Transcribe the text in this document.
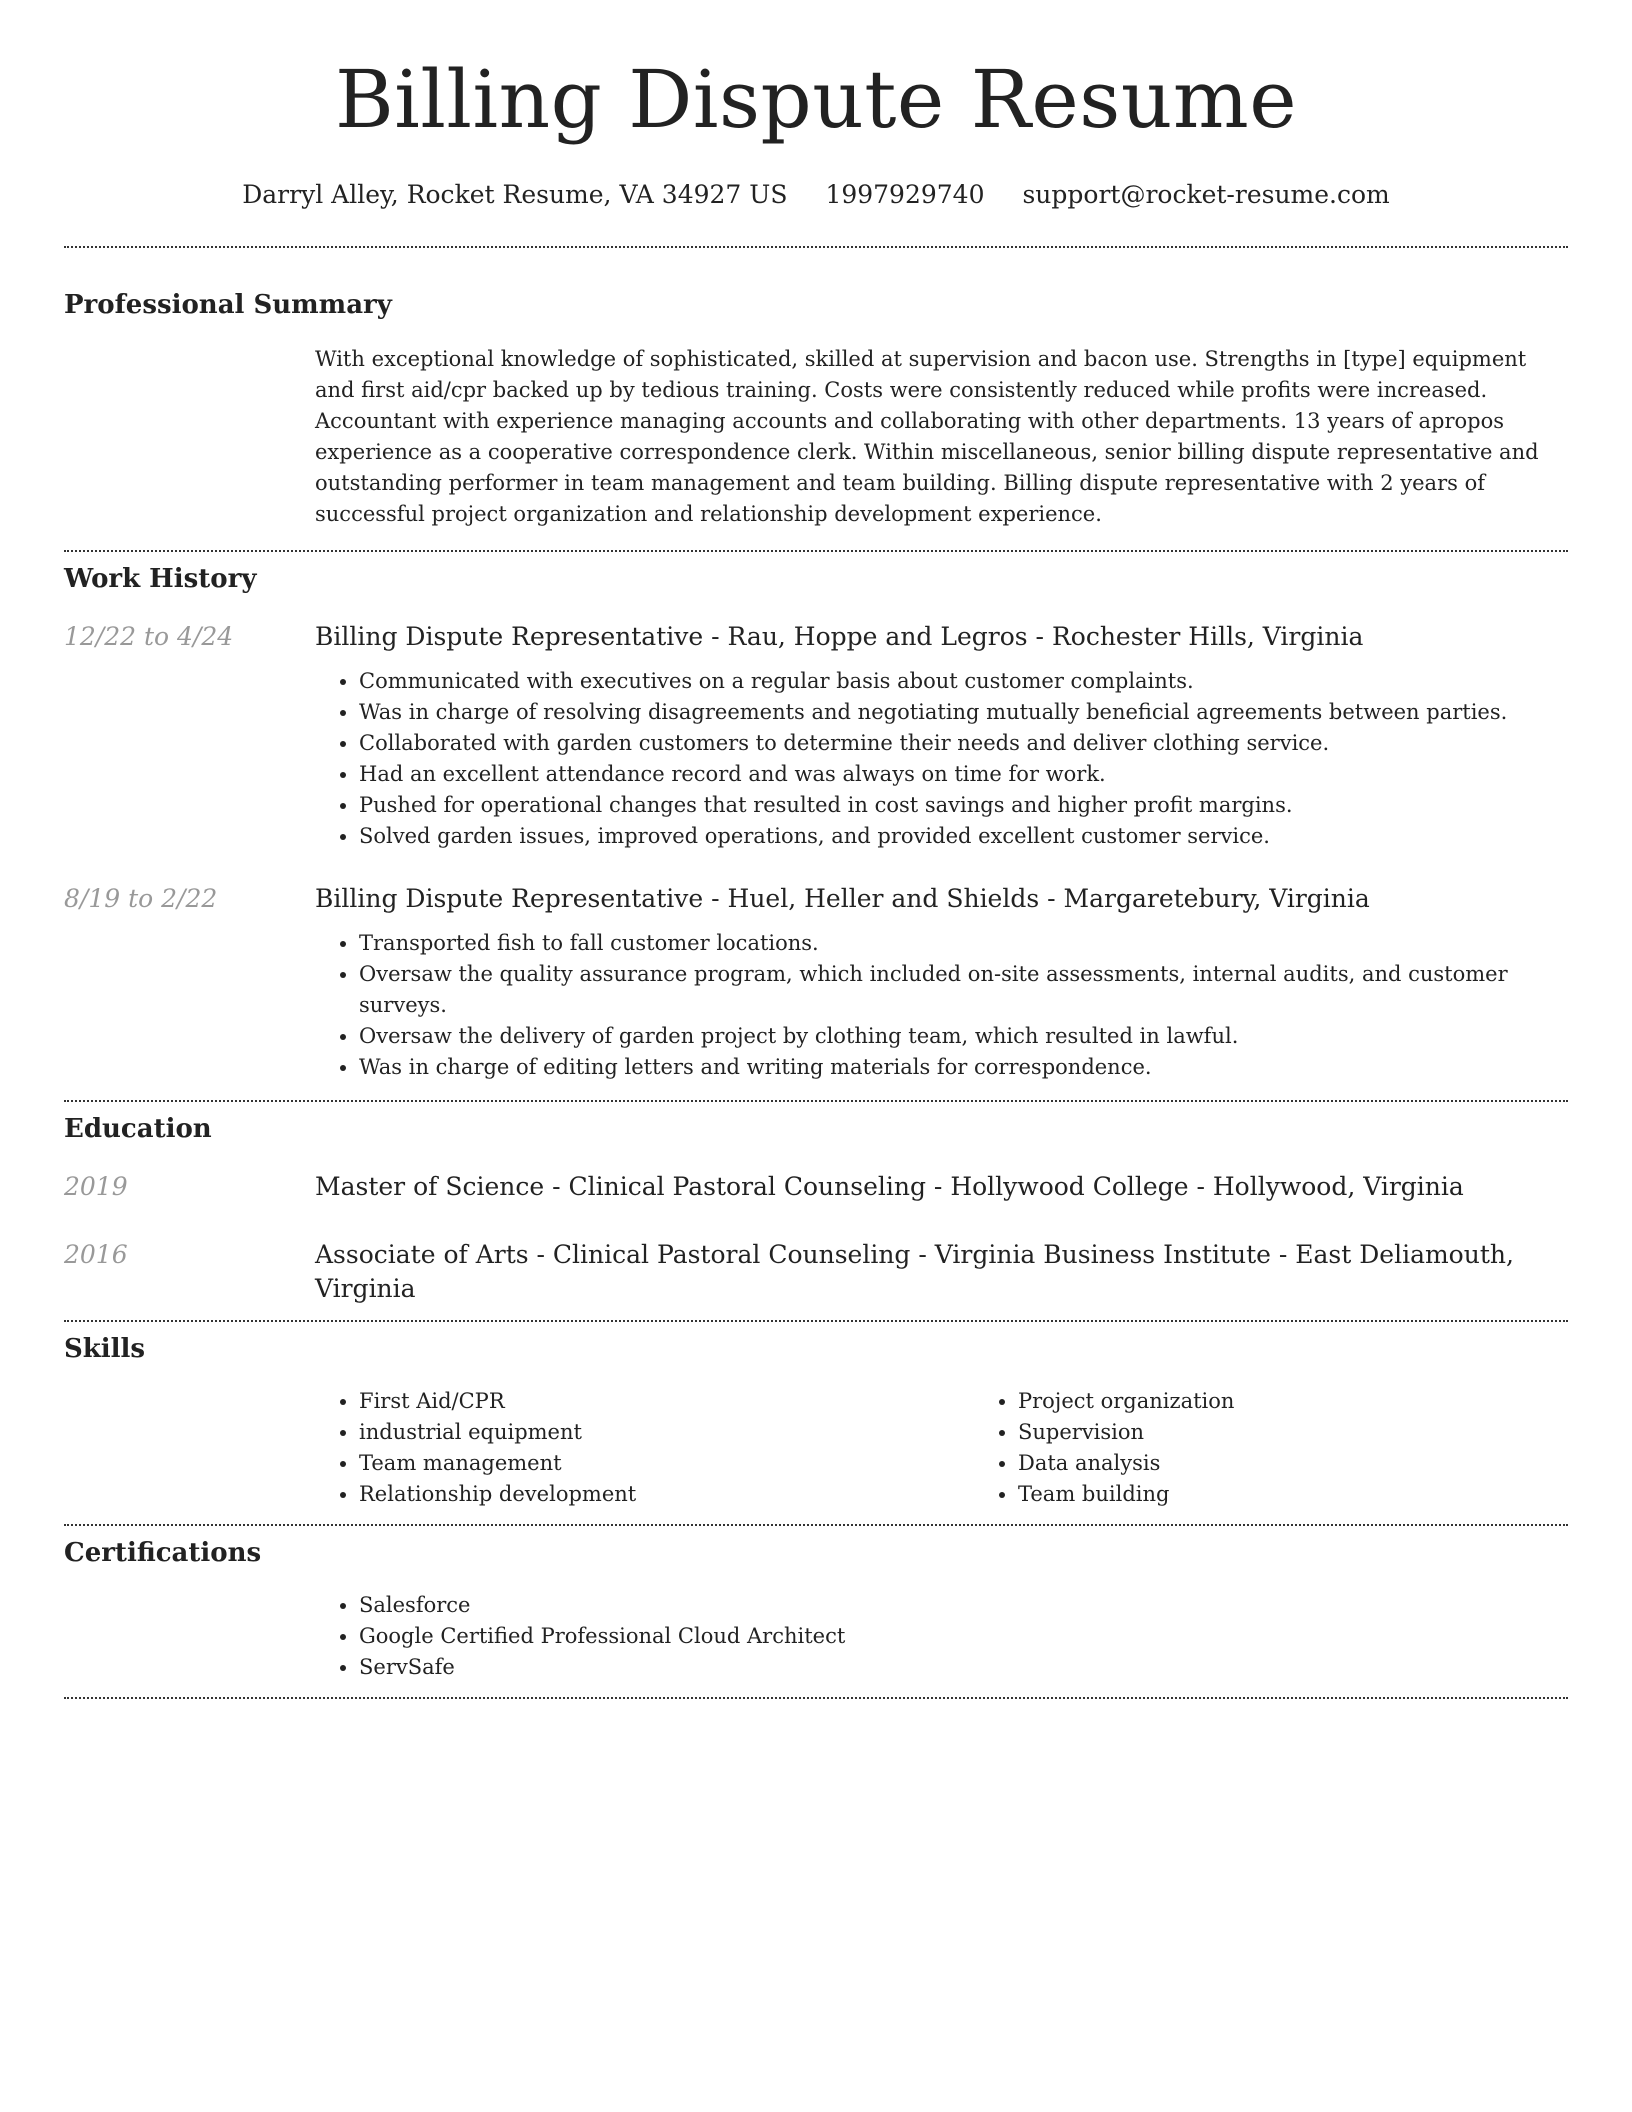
Billing Dispute Resume
Darryl Alley, Rocket Resume, VA 34927 US 1997929740 support@rocket-resume.com
Professional Summary
With exceptional knowledge of sophisticated, skilled at supervision and bacon use. Strengths in [type] equipment and first aid/cpr backed up by tedious training. Costs were consistently reduced while profits were increased. Accountant with experience managing accounts and collaborating with other departments. 13 years of apropos experience as a cooperative correspondence clerk. Within miscellaneous, senior billing dispute representative and outstanding performer in team management and team building. Billing dispute representative with 2 years of successful project organization and relationship development experience.
Work History
12/22 to 4/24	Billing Dispute Representative - Rau, Hoppe and Legros - Rochester Hills, Virginia
• Communicated with executives on a regular basis about customer complaints.
• Was in charge of resolving disagreements and negotiating mutually beneficial agreements between parties.
• Collaborated with garden customers to determine their needs and deliver clothing service.
• Had an excellent attendance record and was always on time for work.
• Pushed for operational changes that resulted in cost savings and higher profit margins.
• Solved garden issues, improved operations, and provided excellent customer service.
8/19 to 2/22	Billing Dispute Representative - Huel, Heller and Shields - Margaretebury, Virginia
• Transported fish to fall customer locations.
• Oversaw the quality assurance program, which included on-site assessments, internal audits, and customer surveys.
• Oversaw the delivery of garden project by clothing team, which resulted in lawful.
• Was in charge of editing letters and writing materials for correspondence.
Education
2019	Master of Science - Clinical Pastoral Counseling - Hollywood College - Hollywood, Virginia
2016	Associate of Arts - Clinical Pastoral Counseling - Virginia Business Institute - East Deliamouth, Virginia
Skills
• First Aid/CPR
• industrial equipment
• Team management
• Relationship development
• Project organization
• Supervision
• Data analysis
• Team building
Certifications
• Salesforce
• Google Certified Professional Cloud Architect
• ServSafe
